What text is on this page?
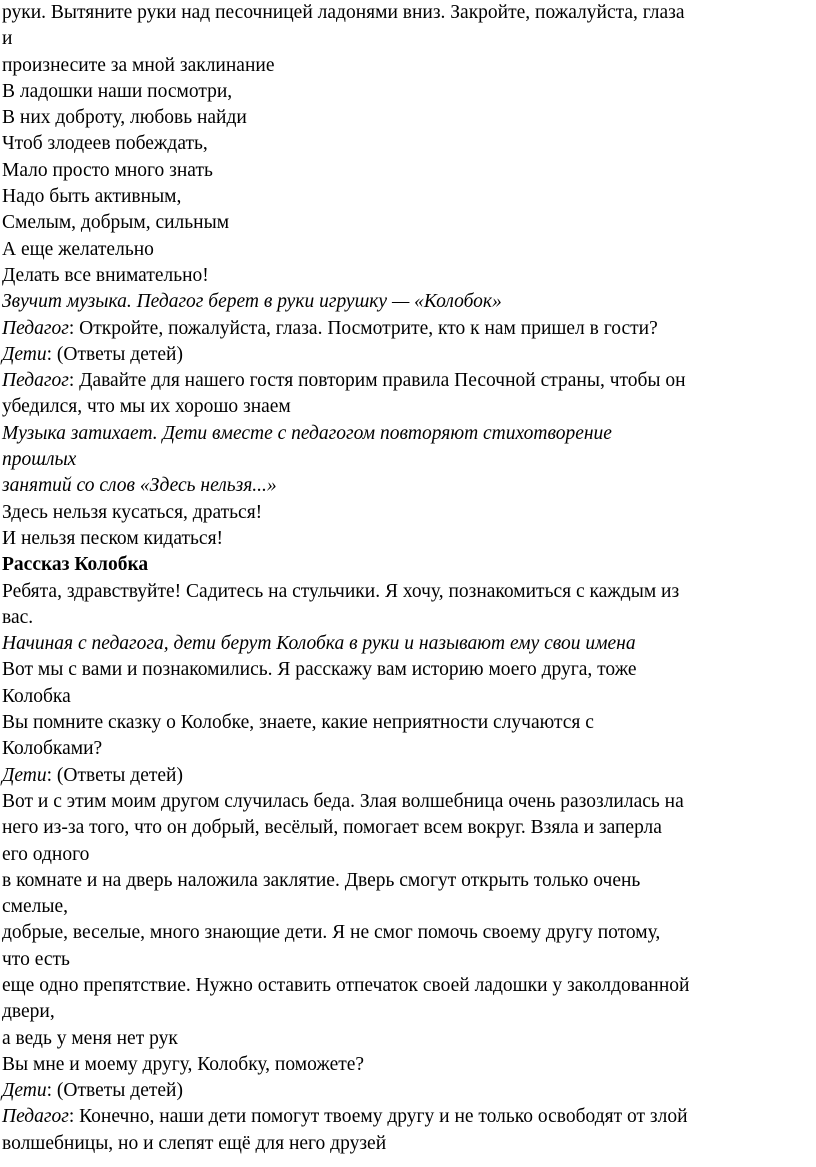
руки. Вытяните руки над песочницей ладонями вниз. Закройте, пожалуйста, глаза
и
произнесите за мной заклинание
В ладошки наши посмотри,
В них доброту, любовь найди
Чтоб злодеев побеждать,
Мало просто много знать
Надо быть активным,
Смелым, добрым, сильным
А еще желательно
Делать все внимательно!
Звучит музыка. Педагог берет в руки игрушку — «Колобок»
Педагог: Откройте, пожалуйста, глаза. Посмотрите, кто к нам пришел в гости?
Дети: (Ответы детей)
Педагог: Давайте для нашего гостя повторим правила Песочной страны, чтобы он
убедился, что мы их хорошо знаем
Музыка затихает. Дети вместе с педагогом повторяют стихотворение
прошлых
занятий со слов «Здесь нельзя...»
Здесь нельзя кусаться, драться!
И нельзя песком кидаться!
Рассказ Колобка
Ребята, здравствуйте! Садитесь на стульчики. Я хочу, познакомиться с каждым из
вас.
Начиная с педагога, дети берут Колобка в руки и называют ему свои имена
Вот мы с вами и познакомились. Я расскажу вам историю моего друга, тоже
Колобка
Вы помните сказку о Колобке, знаете, какие неприятности случаются с
Колобками?
Дети: (Ответы детей)
Вот и с этим моим другом случилась беда. Злая волшебница очень разозлилась на
него из-за того, что он добрый, весёлый, помогает всем вокруг. Взяла и заперла
его одного
в комнате и на дверь наложила заклятие. Дверь смогут открыть только очень
смелые,
добрые, веселые, много знающие дети. Я не смог помочь своему другу потому,
что есть
еще одно препятствие. Нужно оставить отпечаток своей ладошки у заколдованной
двери,
а ведь у меня нет рук
Вы мне и моему другу, Колобку, поможете?
Дети: (Ответы детей)
Педагог: Конечно, наши дети помогут твоему другу и не только освободят от злой
волшебницы, но и слепят ещё для него друзей
